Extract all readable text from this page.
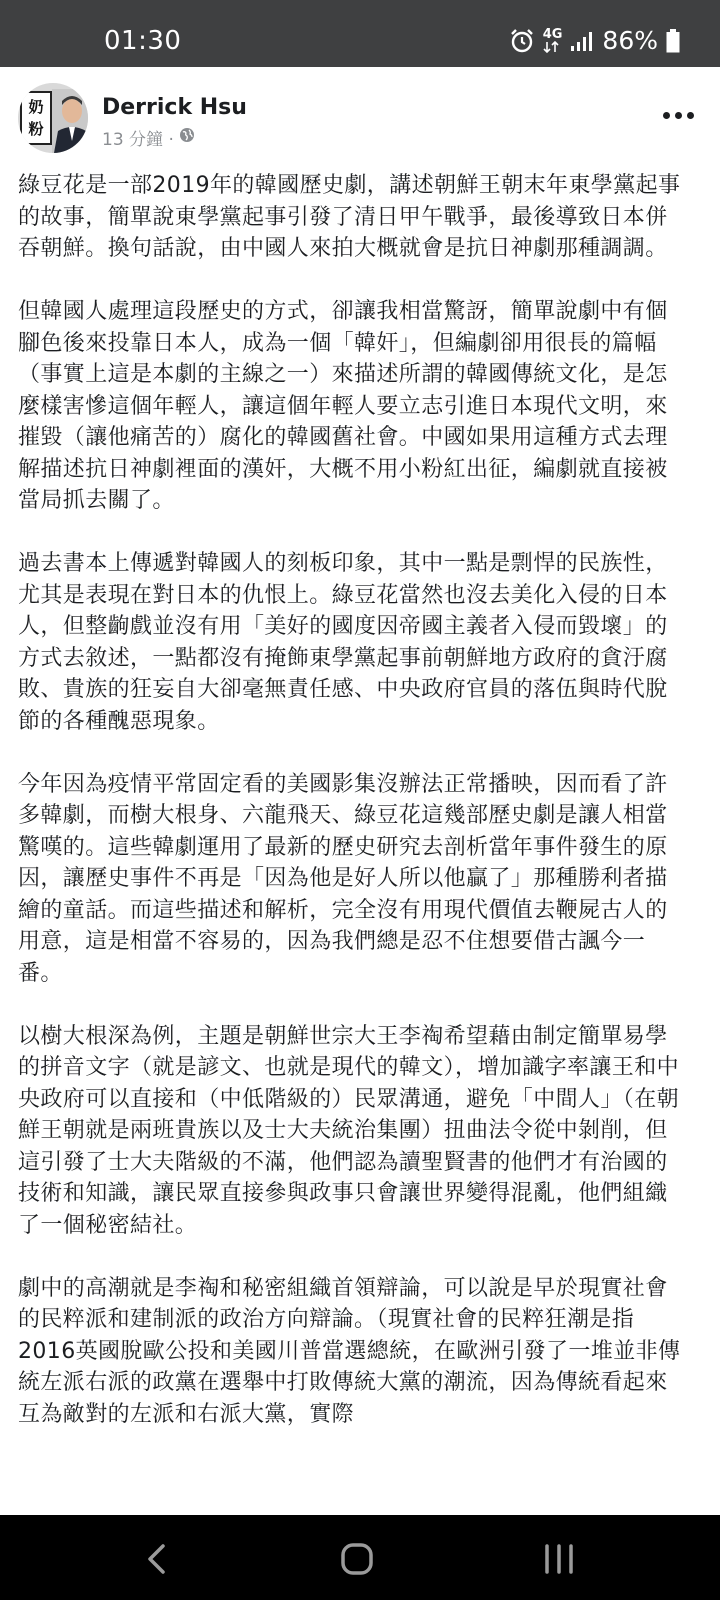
01:30	4G 86%
奶
粉
Derrick Hsu
13 分鐘 ·

綠豆花是一部2019年的韓國歷史劇，講述朝鮮王朝末年東學黨起事的故事，簡單說東學黨起事引發了清日甲午戰爭，最後導致日本併吞朝鮮。換句話說，由中國人來拍大概就會是抗日神劇那種調調。

但韓國人處理這段歷史的方式，卻讓我相當驚訝，簡單說劇中有個腳色後來投靠日本人，成為一個「韓奸」，但編劇卻用很長的篇幅（事實上這是本劇的主線之一）來描述所謂的韓國傳統文化，是怎麼樣害慘這個年輕人，讓這個年輕人要立志引進日本現代文明，來摧毀（讓他痛苦的）腐化的韓國舊社會。中國如果用這種方式去理解描述抗日神劇裡面的漢奸，大概不用小粉紅出征，編劇就直接被當局抓去關了。

過去書本上傳遞對韓國人的刻板印象，其中一點是剽悍的民族性，尤其是表現在對日本的仇恨上。綠豆花當然也沒去美化入侵的日本人，但整齣戲並沒有用「美好的國度因帝國主義者入侵而毀壞」的方式去敘述，一點都沒有掩飾東學黨起事前朝鮮地方政府的貪汙腐敗、貴族的狂妄自大卻毫無責任感、中央政府官員的落伍與時代脫節的各種醜惡現象。

今年因為疫情平常固定看的美國影集沒辦法正常播映，因而看了許多韓劇，而樹大根身、六龍飛天、綠豆花這幾部歷史劇是讓人相當驚嘆的。這些韓劇運用了最新的歷史研究去剖析當年事件發生的原因，讓歷史事件不再是「因為他是好人所以他贏了」那種勝利者描繪的童話。而這些描述和解析，完全沒有用現代價值去鞭屍古人的用意，這是相當不容易的，因為我們總是忍不住想要借古諷今一番。

以樹大根深為例，主題是朝鮮世宗大王李祹希望藉由制定簡單易學的拼音文字（就是諺文、也就是現代的韓文），增加識字率讓王和中央政府可以直接和（中低階級的）民眾溝通，避免「中間人」（在朝鮮王朝就是兩班貴族以及士大夫統治集團）扭曲法令從中剝削，但這引發了士大夫階級的不滿，他們認為讀聖賢書的他們才有治國的技術和知識，讓民眾直接參與政事只會讓世界變得混亂，他們組織了一個秘密結社。

劇中的高潮就是李祹和秘密組織首領辯論，可以說是早於現實社會的民粹派和建制派的政治方向辯論。（現實社會的民粹狂潮是指2016英國脫歐公投和美國川普當選總統，在歐洲引發了一堆並非傳統左派右派的政黨在選舉中打敗傳統大黨的潮流，因為傳統看起來互為敵對的左派和右派大黨，實際
